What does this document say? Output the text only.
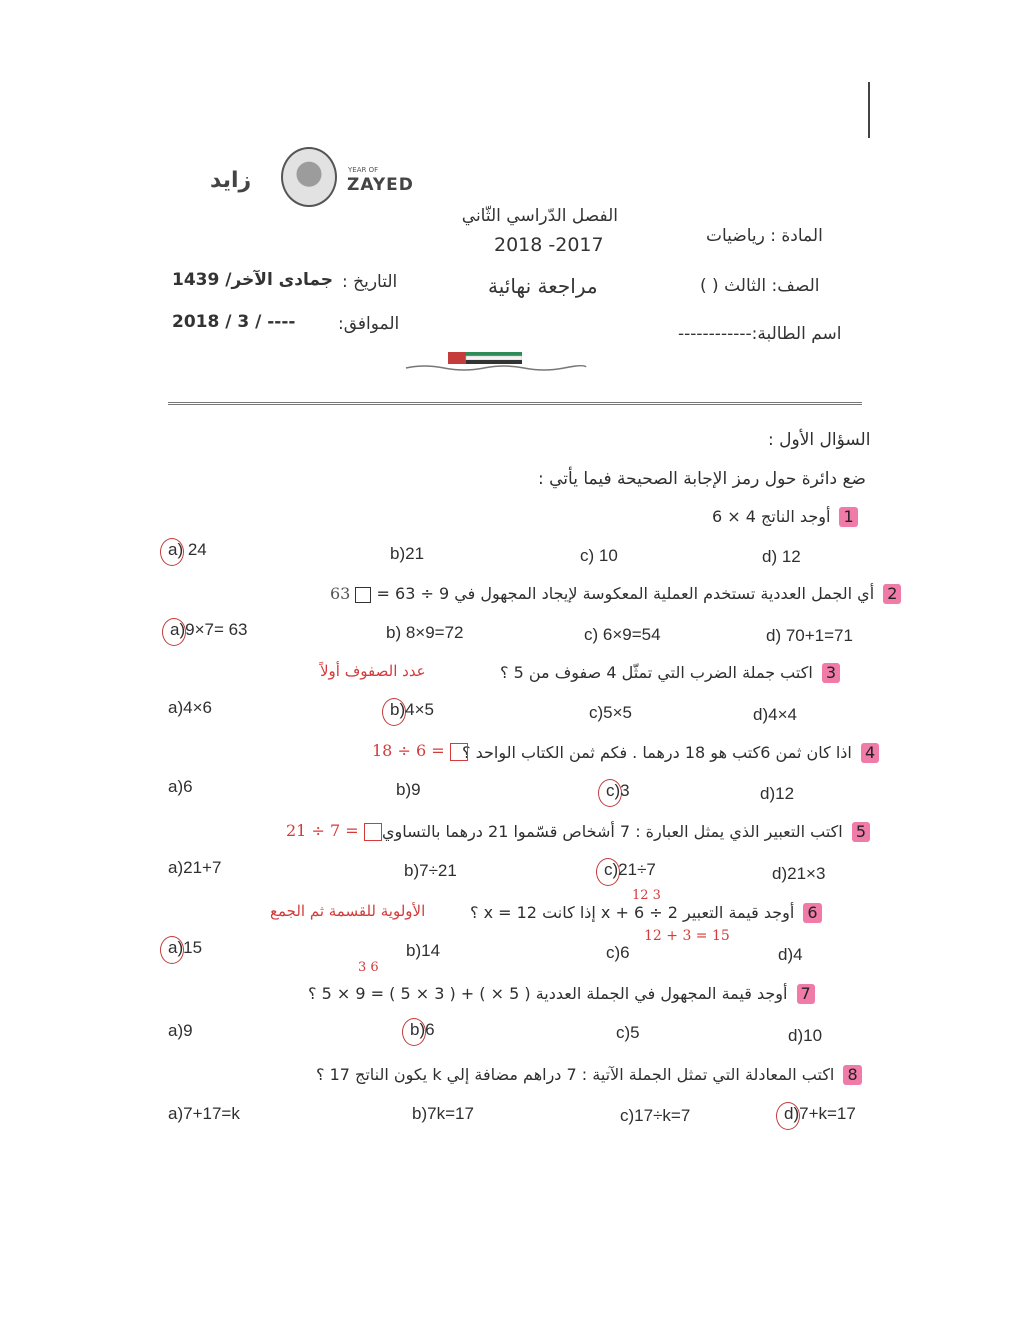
زايد	YEAR OF
ZAYED
الفصل الدّراسي الثّاني
2018 -2017
مراجعة نهائية
المادة : رياضيات
الصف: الثالث ( )
اسم الطالبة:------------
التاريخ :
جمادى الآخر/ 1439
الموافق:
2018 / 3 / ----
السؤال الأول :
ضع دائرة حول رمز الإجابة الصحيحة فيما يأتي :
1 أوجد الناتج 4 × 6
a) 24	b)21	c) 10	d) 12
2 أي الجمل العددية تستخدم العملية المعكوسة لإيجاد المجهول في 9 ÷ 63 =  63
a)9×7= 63	b) 8×9=72	c) 6×9=54	d) 70+1=71
3 اكتب جملة الضرب التي تمثّل 4 صفوف من 5 ؟
عدد الصفوف أولاً
a)4×6	b)4×5	c)5×5	d)4×4
4 اذا كان ثمن 6كتب هو 18 درهما . فكم ثمن الكتاب الواحد ؟
18 ÷ 6 =
a)6	b)9	c)3	d)12
5 اكتب التعبير الذي يمثل العبارة : 7 أشخاص قسّموا 21 درهما بالتساوي
21 ÷ 7 =
a)21+7	b)7÷21	c)21÷7	d)21×3
12 3
6 أوجد قيمة التعبير 2 ÷ 6 + x إذا كانت x = 12 ؟
الأولوية للقسمة ثم الجمع
12 + 3 = 15
a)15	b)14	c)6	d)4
3 6
7 أوجد قيمة المجهول في الجملة العددية ( 5 × ) + ( 3 × 5 ) = 9 × 5 ؟
a)9	b)6	c)5	d)10
8 اكتب المعادلة التي تمثل الجملة الآتية : 7 دراهم مضافة إلي k يكون الناتج 17 ؟
a)7+17=k	b)7k=17	c)17÷k=7	d)7+k=17
